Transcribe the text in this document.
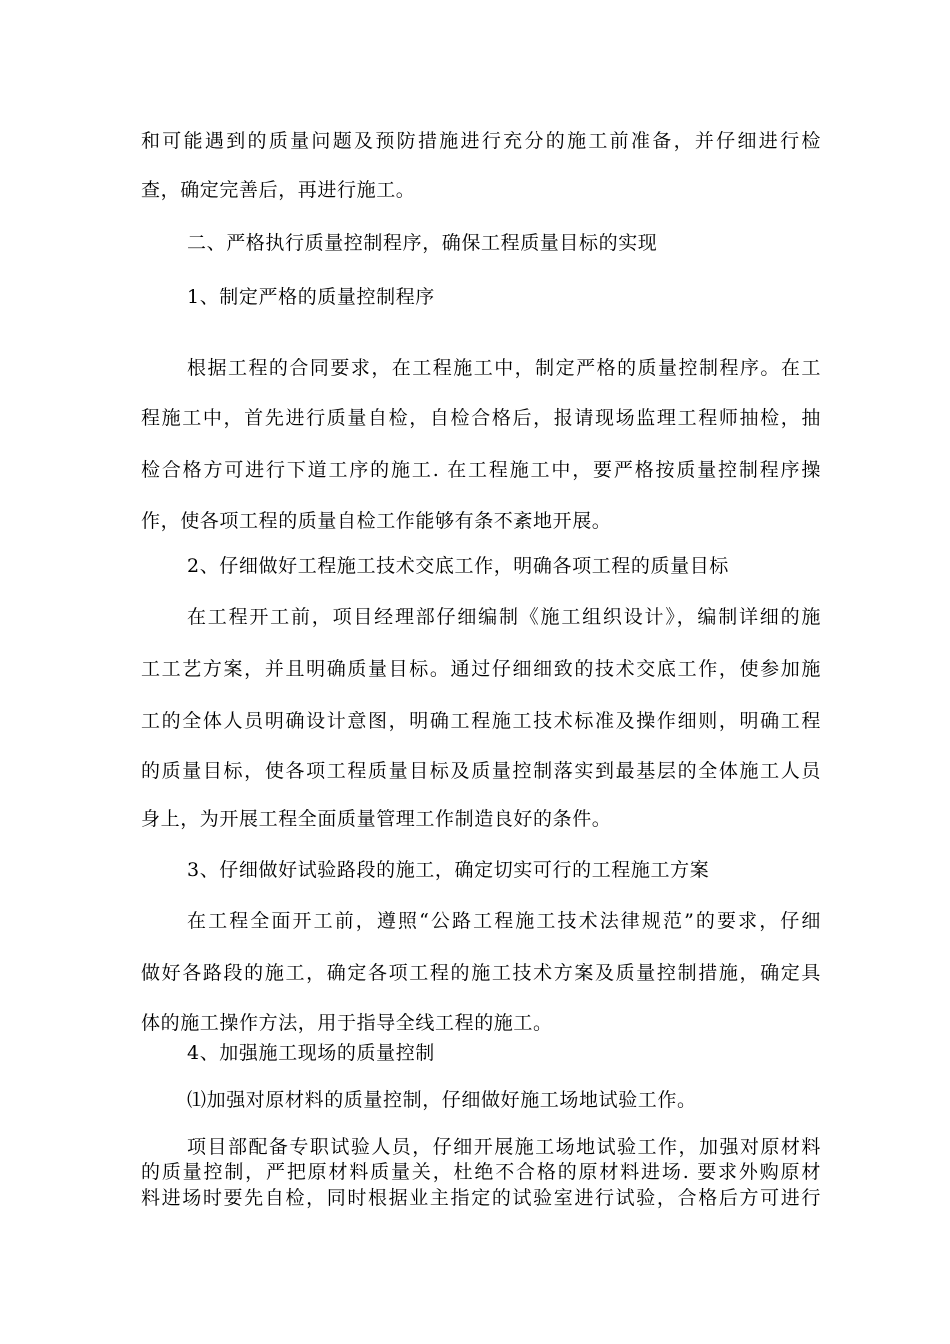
和可能遇到的质量问题及预防措施进行充分的施工前准备，并仔细进行检
查，确定完善后，再进行施工。
二、严格执行质量控制程序，确保工程质量目标的实现
1、制定严格的质量控制程序
根据工程的合同要求，在工程施工中，制定严格的质量控制程序。在工
程施工中，首先进行质量自检，自检合格后，报请现场监理工程师抽检，抽
检合格方可进行下道工序的施工. 在工程施工中，要严格按质量控制程序操
作，使各项工程的质量自检工作能够有条不紊地开展。
2、仔细做好工程施工技术交底工作，明确各项工程的质量目标
在工程开工前，项目经理部仔细编制《施工组织设计》，编制详细的施
工工艺方案，并且明确质量目标。通过仔细细致的技术交底工作，使参加施
工的全体人员明确设计意图，明确工程施工技术标准及操作细则，明确工程
的质量目标，使各项工程质量目标及质量控制落实到最基层的全体施工人员
身上，为开展工程全面质量管理工作制造良好的条件。
3、仔细做好试验路段的施工，确定切实可行的工程施工方案
在工程全面开工前，遵照“公路工程施工技术法律规范”的要求，仔细
做好各路段的施工，确定各项工程的施工技术方案及质量控制措施，确定具
体的施工操作方法，用于指导全线工程的施工。
4、加强施工现场的质量控制
⑴加强对原材料的质量控制，仔细做好施工场地试验工作。
项目部配备专职试验人员，仔细开展施工场地试验工作，加强对原材料
的质量控制，严把原材料质量关，杜绝不合格的原材料进场. 要求外购原材
料进场时要先自检，同时根据业主指定的试验室进行试验，合格后方可进行
